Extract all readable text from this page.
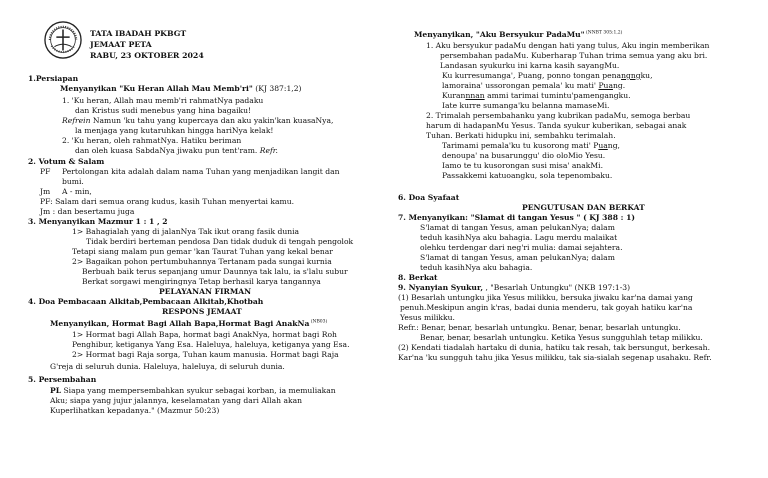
TATA IBADAH PKBGT
JEMAAT PETA
RABU, 23 OKTOBER 2024
1.Persiapan
Menyanyikan "Ku Heran Allah Mau Memb'ri" (KJ 387:1,2)
1. 'Ku heran, Allah mau memb'ri rahmatNya padaku
dan Kristus sudi menebus yang hina bagaiku!
Refrein Namun 'ku tahu yang kupercaya dan aku yakin'kan kuasaNya,
la menjaga yang kutaruhkan hingga hariNya kelak!
2. 'Ku heran, oleh rahmatNya. Hatiku beriman
dan oleh kuasa SabdaNya jiwaku pun tent'ram. Refr.
2. Votum & Salam
PF Pertolongan kita adalah dalam nama Tuhan yang menjadikan langit dan
bumi.
Jm A - min,
PF: Salam dari semua orang kudus, kasih Tuhan menyertai kamu.
Jm : dan besertamu juga
3. Menyanyikan Mazmur 1 : 1 , 2
1> Bahagialah yang di jalanNya Tak ikut orang fasik dunia
Tidak berdiri berteman pendosa Dan tidak duduk di tengah pengolok
Tetapi siang malam pun gemar 'kan Taurat Tuhan yang kekal benar
2> Bagaikan pohon pertumbuhannya Tertanam pada sungai kurnia
Berbuah baik terus sepanjang umur Daunnya tak lalu, ia s'lalu subur
Berkat sorgawi mengiringnya Tetap berhasil karya tangannya
PELAYANAN FIRMAN
4. Doa Pembacaan Alkitab,Pembacaan Alkitab,Khotbah
RESPONS JEMAAT
Menyanyikan, Hormat Bagi Allah Bapa,Hormat Bagi AnakNa $^{(NB03)}$
1> Hormat bagi Allah Bapa, hormat bagi AnakNya, hormat bagi Roh
Penghibur, ketiganya Yang Esa. Haleluya, haleluya, ketiganya yang Esa.
2> Hormat bagi Raja sorga, Tuhan kaum manusia. Hormat bagi Raja
G'reja di seluruh dunia. Haleluya, haleluya, di seluruh dunia.
5. Persembahan
PL Siapa yang mempersembahkan syukur sebagai korban, ia memuliakan
Aku; siapa yang jujur jalannya, keselamatan yang dari Allah akan
Kuperlihatkan kepadanya." (Mazmur 50:23)
Menyanyikan, "Aku Bersyukur PadaMu" $^{(NNBT 305:1,2)}$
1. Aku bersyukur padaMu dengan hati yang tulus, Aku ingin memberikan
persembahan padaMu. Kuberharap Tuhan trima semua yang aku bri.
Landasan syukurku ini karna kasih sayangMu.
Ku kurresumanga', Puang, ponno tongan penangngku,
lamoraina' ussorongan pemala' ku mati' Puang.
Kurannnan ammi tarimai tumintu'pamengangku.
Iate kurre sumanga'ku belanna mamaseMi.
2. Trimalah persembahanku yang kubrikan padaMu, semoga berbau
harum di hadapanMu Yesus. Tanda syukur kuberikan, sebagai anak
Tuhan. Berkati hidupku ini, sembahku terimalah.
Tarimami pemala'ku tu kusorong mati' Puang,
denoupa' na busarunggu' dio oloMio Yesu.
Iamo te tu kusorongan susi misa' anakMi.
Passakkemi katuoangku, sola tepenombaku.
6. Doa Syafaat
PENGUTUSAN DAN BERKAT
7. Menyanyikan: "Slamat di tangan Yesus " ( KJ 388 : 1)
S'lamat di tangan Yesus, aman pelukanNya; dalam
teduh kasihNya aku bahagia. Lagu merdu malaikat
olehku terdengar dari neg'ri mulia: damai sejahtera.
S'lamat di tangan Yesus, aman pelukanNya; dalam
teduh kasihNya aku bahagia.
8. Berkat
9. Nyanyian Syukur, , "Besarlah Untungku" (NKB 197:1-3)
(1) Besarlah untungku jika Yesus milikku, bersuka jiwaku kar'na damai yang
penuh.Meskipun angin k'ras, badai dunia menderu, tak goyah hatiku kar'na
Yesus milikku.
Refr.: Benar, benar, besarlah untungku. Benar, benar, besarlah untungku.
Benar, benar, besarlah untungku. Ketika Yesus sungguhlah tetap milikku.
(2) Kendati tiadalah hartaku di dunia, hatiku tak resah, tak bersungut, berkesah.
Kar'na 'ku sungguh tahu jika Yesus milikku, tak sia-sialah segenap usahaku. Refr.
